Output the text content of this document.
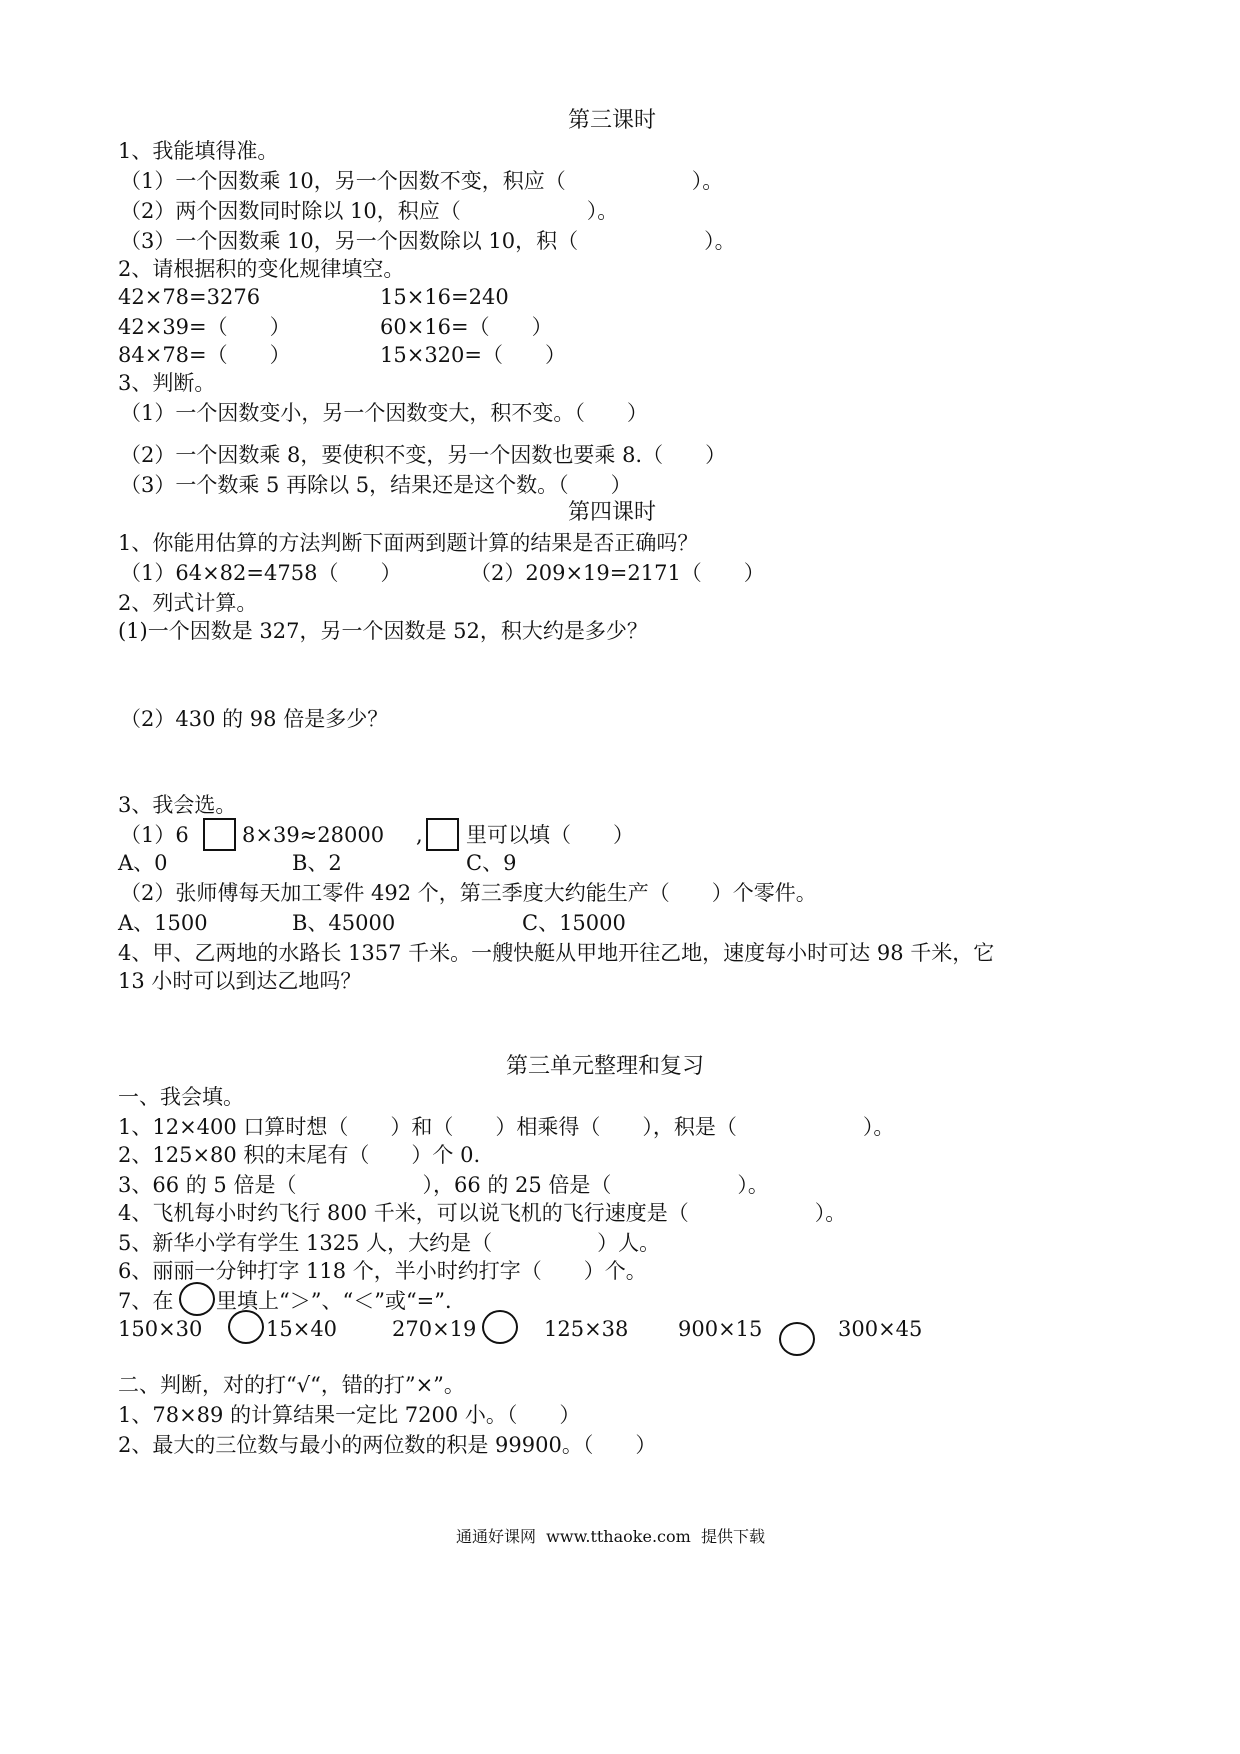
第三课时
1、我能填得准。
（1）一个因数乘 10，另一个因数不变，积应（　　　　　　）。
（2）两个因数同时除以 10，积应（　　　　　　）。
（3）一个因数乘 10，另一个因数除以 10，积（　　　　　　）。
2、请根据积的变化规律填空。
42×78=3276	15×16=240
42×39=（　　）	60×16=（　　）
84×78=（　　）	15×320=（　　）
3、判断。
（1）一个因数变小，另一个因数变大，积不变。（　　）
（2）一个因数乘 8，要使积不变，另一个因数也要乘 8.（　　）
（3）一个数乘 5 再除以 5，结果还是这个数。（　　）
第四课时
1、你能用估算的方法判断下面两到题计算的结果是否正确吗？
（1）64×82=4758（　　）	（2）209×19=2171（　　）
2、列式计算。
(1)一个因数是 327，另一个因数是 52，积大约是多少？
（2）430 的 98 倍是多少？
3、我会选。
（1）6	8×39≈28000 , 里可以填（　　）
A、0	B、2	C、9
（2）张师傅每天加工零件 492 个，第三季度大约能生产（　　）个零件。
A、1500	B、45000	C、15000
4、甲、乙两地的水路长 1357 千米。一艘快艇从甲地开往乙地，速度每小时可达 98 千米，它
13 小时可以到达乙地吗？
第三单元整理和复习
一、我会填。
1、12×400 口算时想（　　）和（　　）相乘得（　　），积是（　　　　　　）。
2、125×80 积的末尾有（　　）个 0.
3、66 的 5 倍是（　　　　　　），66 的 25 倍是（　　　　　　）。
4、飞机每小时约飞行 800 千米，可以说飞机的飞行速度是（　　　　　　）。
5、新华小学有学生 1325 人，大约是（　　　　　）人。
6、丽丽一分钟打字 118 个，半小时约打字（　　）个。
7、在 里填上“＞”、“＜”或“=”．
150×30	15×40	270×19	125×38 900×15	300×45
二、判断，对的打“√“，错的打”×”。
1、78×89 的计算结果一定比 7200 小。（　　）
2、最大的三位数与最小的两位数的积是 99900。（　　）
通通好课网  www.tthaoke.com  提供下载
